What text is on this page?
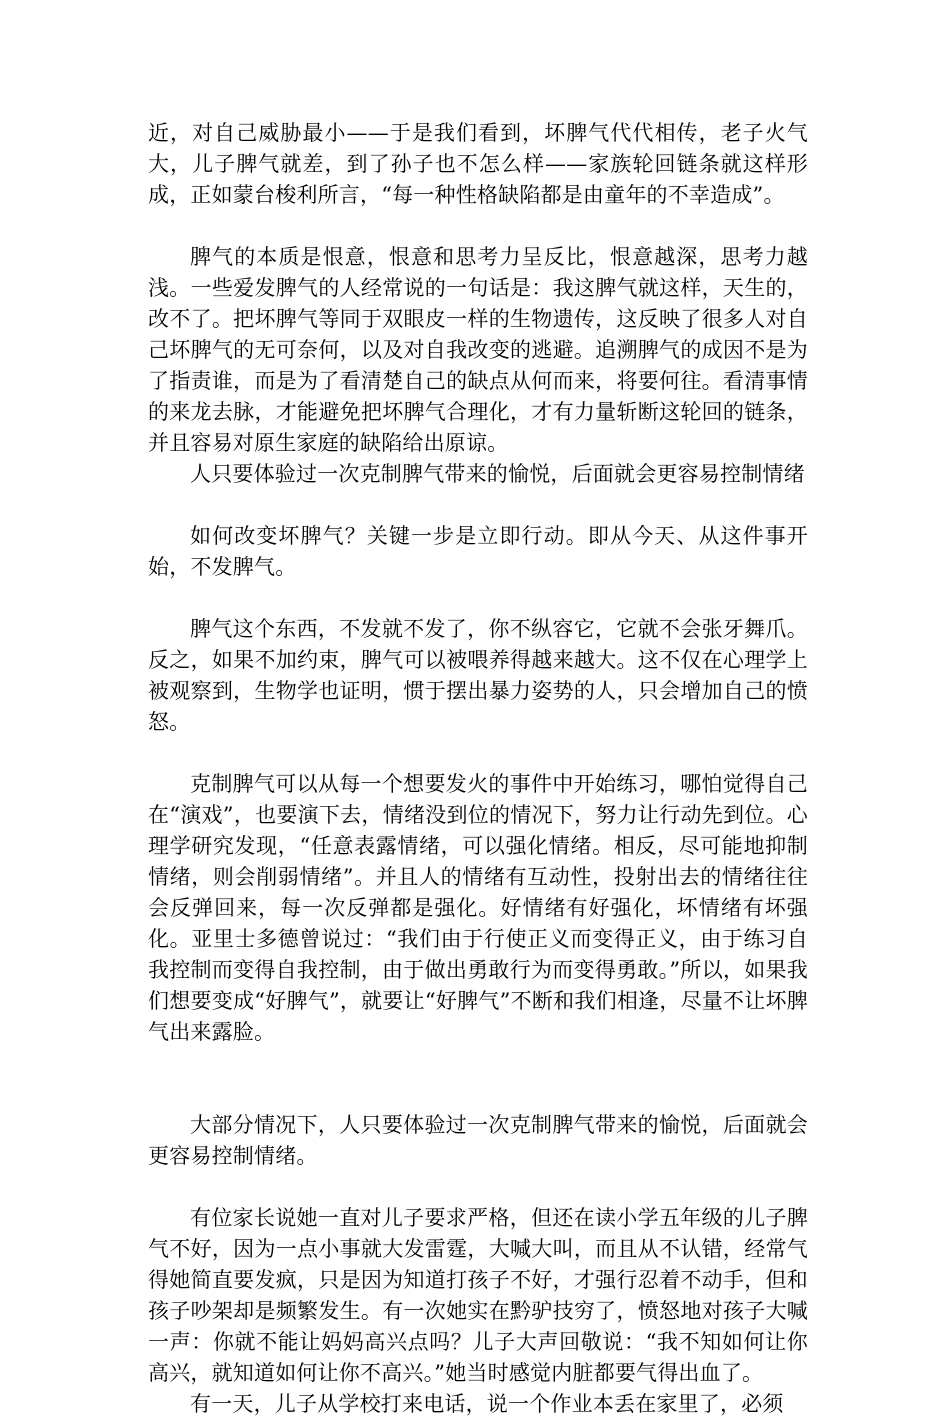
近，对自己威胁最小——于是我们看到，坏脾气代代相传，老子火气大，儿子脾气就差，到了孙子也不怎么样——家族轮回链条就这样形成，正如蒙台梭利所言，“每一种性格缺陷都是由童年的不幸造成”。

脾气的本质是恨意，恨意和思考力呈反比，恨意越深，思考力越浅。一些爱发脾气的人经常说的一句话是：我这脾气就这样，天生的，改不了。把坏脾气等同于双眼皮一样的生物遗传，这反映了很多人对自己坏脾气的无可奈何，以及对自我改变的逃避。追溯脾气的成因不是为了指责谁，而是为了看清楚自己的缺点从何而来，将要何往。看清事情的来龙去脉，才能避免把坏脾气合理化，才有力量斩断这轮回的链条，并且容易对原生家庭的缺陷给出原谅。

人只要体验过一次克制脾气带来的愉悦，后面就会更容易控制情绪

如何改变坏脾气？关键一步是立即行动。即从今天、从这件事开始，不发脾气。

脾气这个东西，不发就不发了，你不纵容它，它就不会张牙舞爪。反之，如果不加约束，脾气可以被喂养得越来越大。这不仅在心理学上被观察到，生物学也证明，惯于摆出暴力姿势的人，只会增加自己的愤怒。

克制脾气可以从每一个想要发火的事件中开始练习，哪怕觉得自己在“演戏”，也要演下去，情绪没到位的情况下，努力让行动先到位。心理学研究发现，“任意表露情绪，可以强化情绪。相反，尽可能地抑制情绪，则会削弱情绪”。并且人的情绪有互动性，投射出去的情绪往往会反弹回来，每一次反弹都是强化。好情绪有好强化，坏情绪有坏强化。亚里士多德曾说过：“我们由于行使正义而变得正义，由于练习自我控制而变得自我控制，由于做出勇敢行为而变得勇敢。”所以，如果我们想要变成“好脾气”，就要让“好脾气”不断和我们相逢，尽量不让坏脾气出来露脸。

大部分情况下，人只要体验过一次克制脾气带来的愉悦，后面就会更容易控制情绪。

有位家长说她一直对儿子要求严格，但还在读小学五年级的儿子脾气不好，因为一点小事就大发雷霆，大喊大叫，而且从不认错，经常气得她简直要发疯，只是因为知道打孩子不好，才强行忍着不动手，但和孩子吵架却是频繁发生。有一次她实在黔驴技穷了，愤怒地对孩子大喊一声：你就不能让妈妈高兴点吗？儿子大声回敬说：“我不知如何让你高兴，就知道如何让你不高兴。”她当时感觉内脏都要气得出血了。

有一天，儿子从学校打来电话，说一个作业本丢在家里了，必须
